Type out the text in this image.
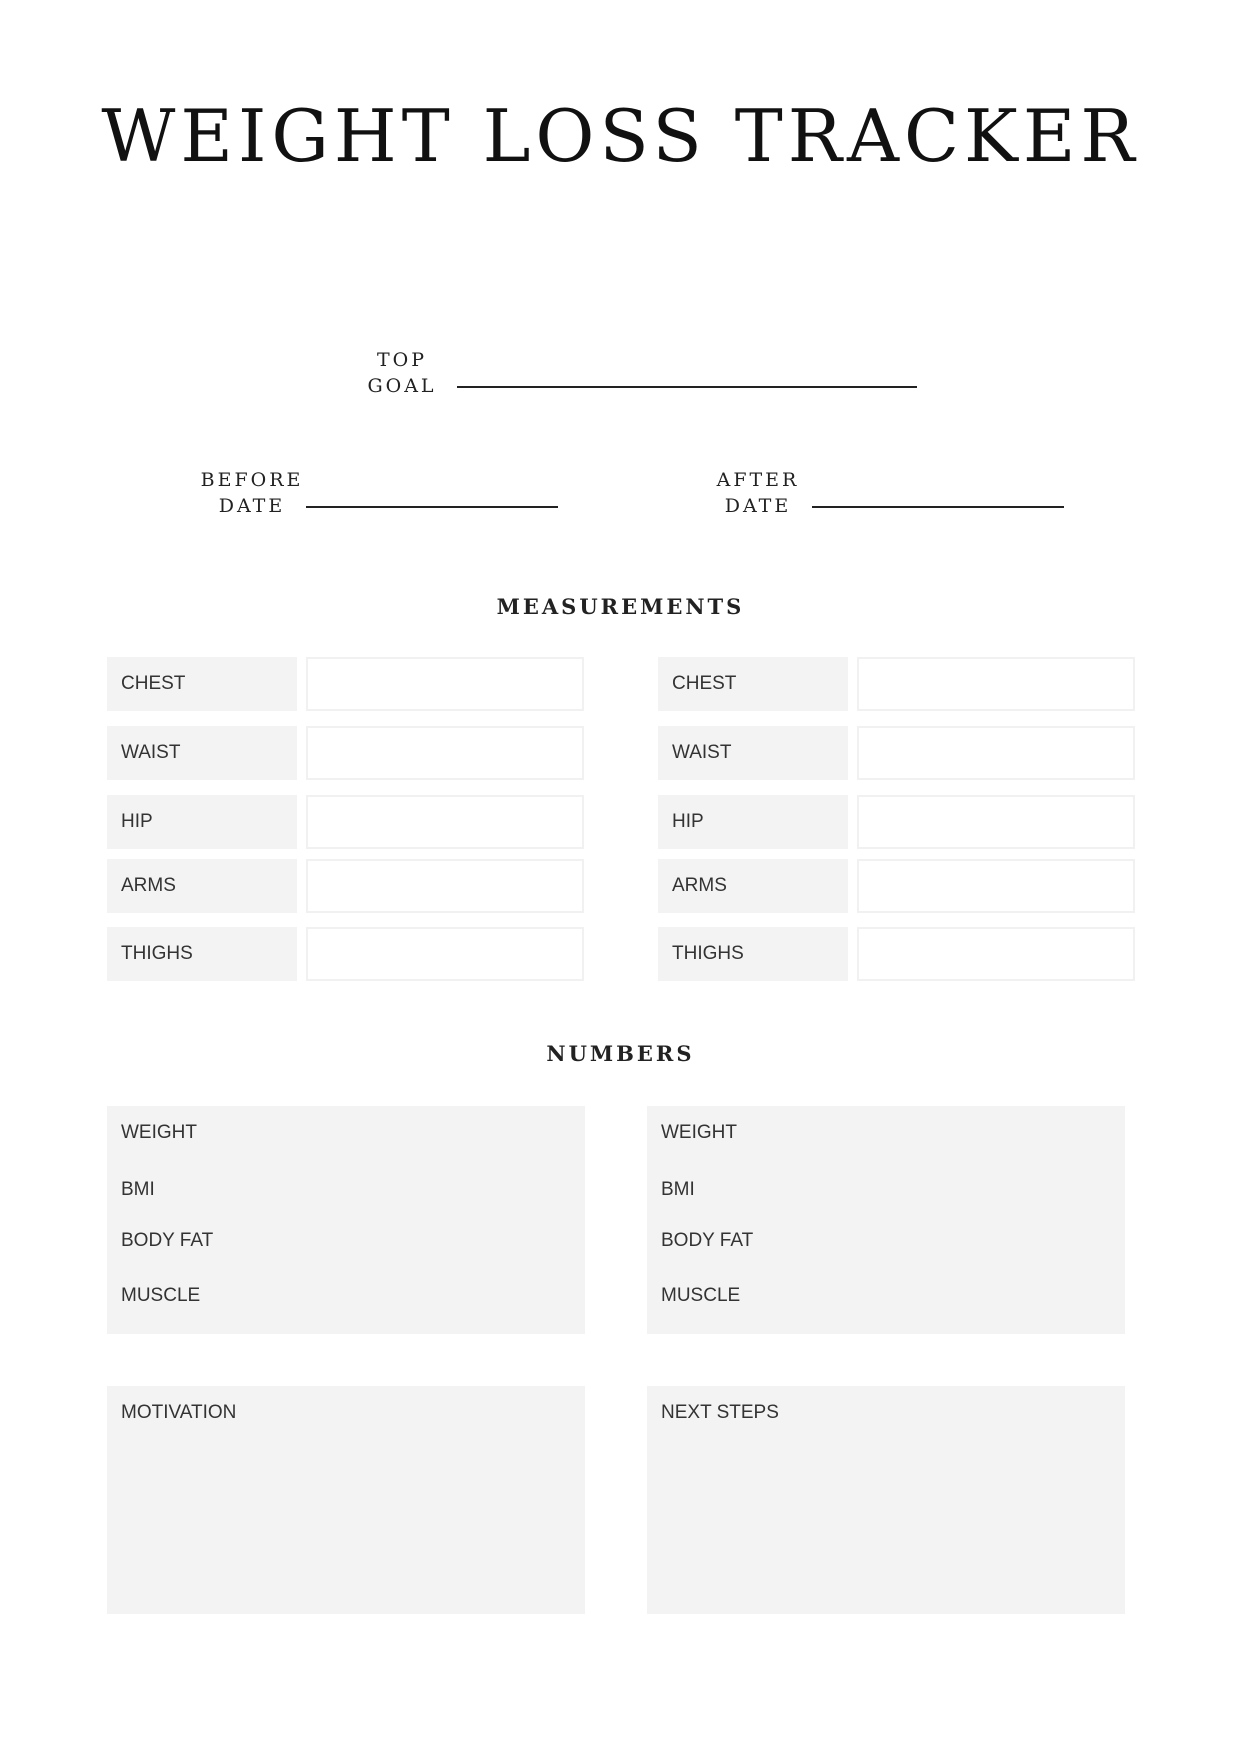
WEIGHT LOSS TRACKER
TOP
GOAL
BEFORE
DATE
AFTER
DATE
MEASUREMENTS
CHEST
WAIST
HIP
ARMS
THIGHS
CHEST
WAIST
HIP
ARMS
THIGHS
NUMBERS
WEIGHT
BMI
BODY FAT
MUSCLE
WEIGHT
BMI
BODY FAT
MUSCLE
MOTIVATION	NEXT STEPS
